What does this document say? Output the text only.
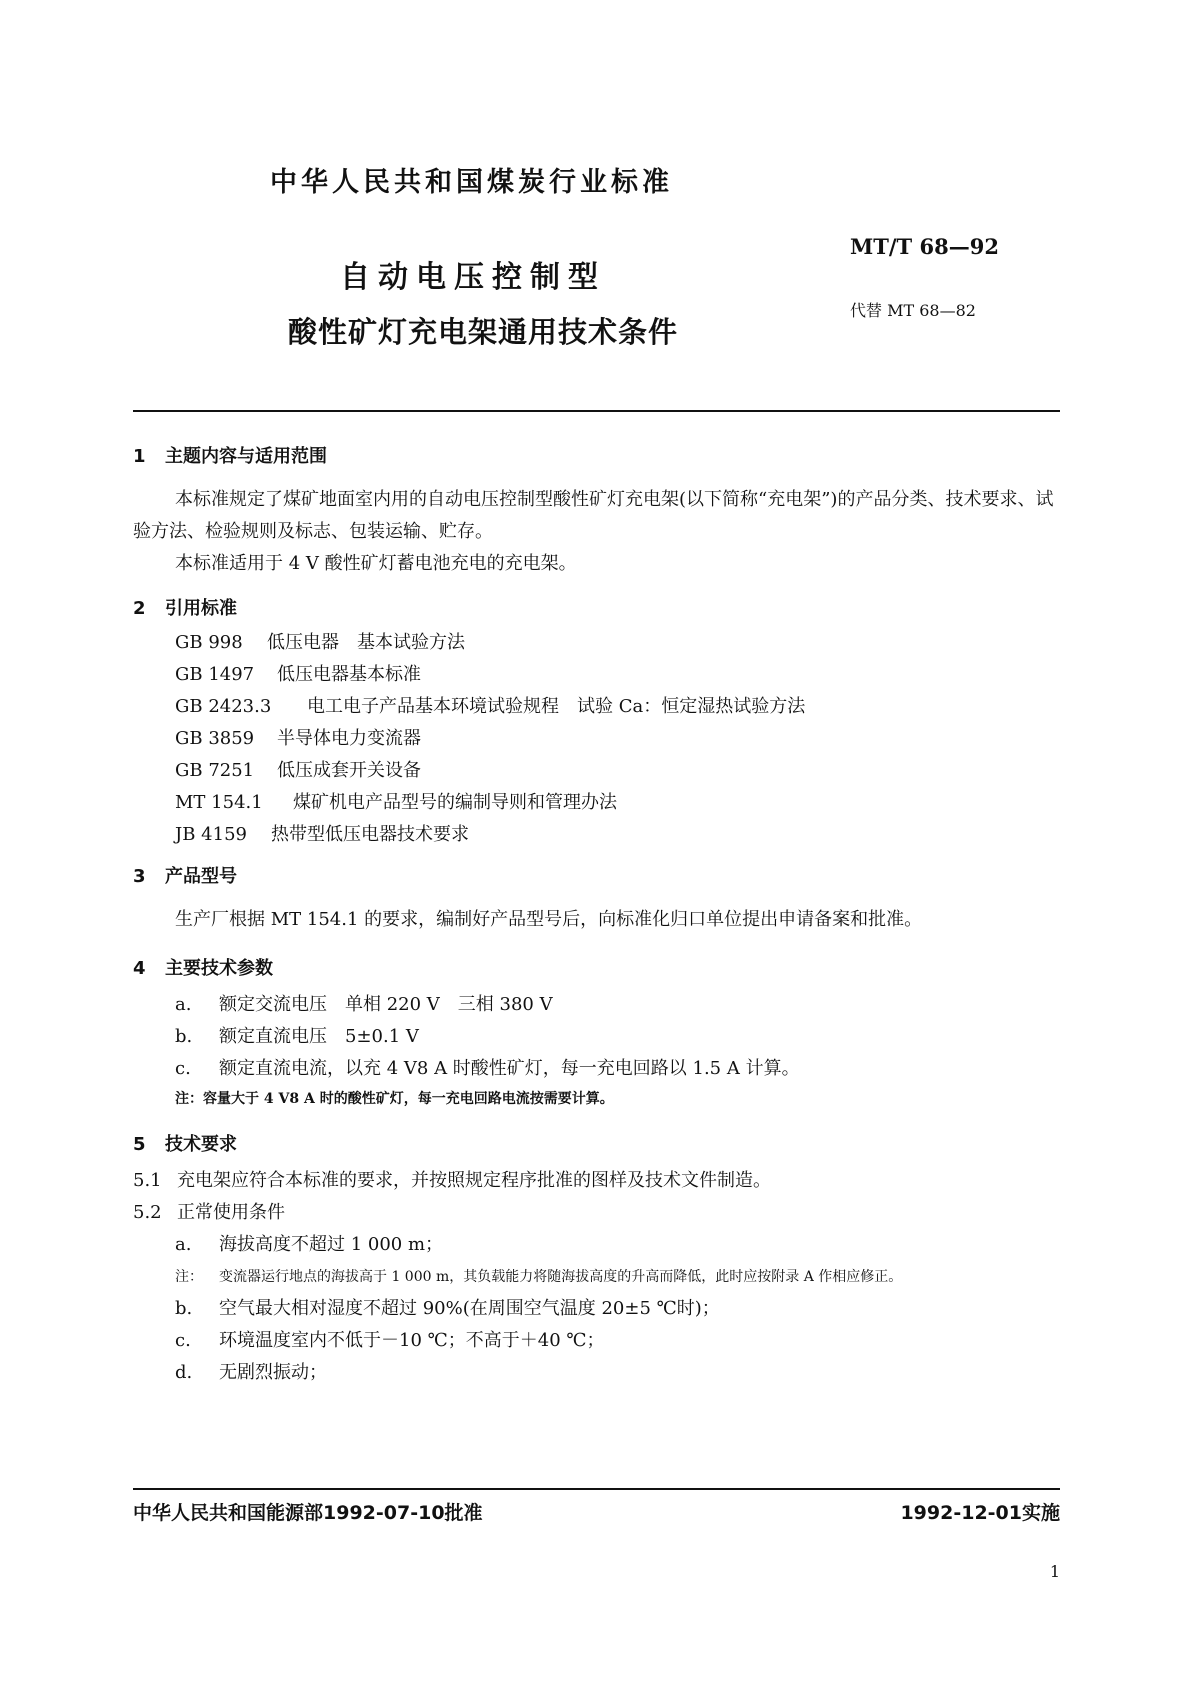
中华人民共和国煤炭行业标准
MT/T 68—92
自动电压控制型
代替 MT 68—82
酸性矿灯充电架通用技术条件
1 主题内容与适用范围

本标准规定了煤矿地面室内用的自动电压控制型酸性矿灯充电架(以下简称“充电架”)的产品分类、技术要求、试验方法、检验规则及标志、包装运输、贮存。

本标准适用于 4 V 酸性矿灯蓄电池充电的充电架。

2 引用标准
GB 998 低压电器　基本试验方法
GB 1497 低压电器基本标准
GB 2423.3 电工电子产品基本环境试验规程　试验 Ca：恒定湿热试验方法
GB 3859 半导体电力变流器
GB 7251 低压成套开关设备
MT 154.1 煤矿机电产品型号的编制导则和管理办法
JB 4159 热带型低压电器技术要求
3 产品型号

生产厂根据 MT 154.1 的要求，编制好产品型号后，向标准化归口单位提出申请备案和批准。

4 主要技术参数
a. 额定交流电压　单相 220 V　三相 380 V
b. 额定直流电压　5±0.1 V
c. 额定直流电流，以充 4 V8 A 时酸性矿灯，每一充电回路以 1.5 A 计算。
注：容量大于 4 V8 A 时的酸性矿灯，每一充电回路电流按需要计算。
5 技术要求
5.1 充电架应符合本标准的要求，并按照规定程序批准的图样及技术文件制造。
5.2 正常使用条件
a. 海拔高度不超过 1 000 m；
注： 变流器运行地点的海拔高于 1 000 m，其负载能力将随海拔高度的升高而降低，此时应按附录 A 作相应修正。
b. 空气最大相对湿度不超过 90%(在周围空气温度 20±5 ℃时)；
c. 环境温度室内不低于－10 ℃；不高于＋40 ℃；
d. 无剧烈振动；
中华人民共和国能源部1992-07-10批准	1992-12-01实施
1
